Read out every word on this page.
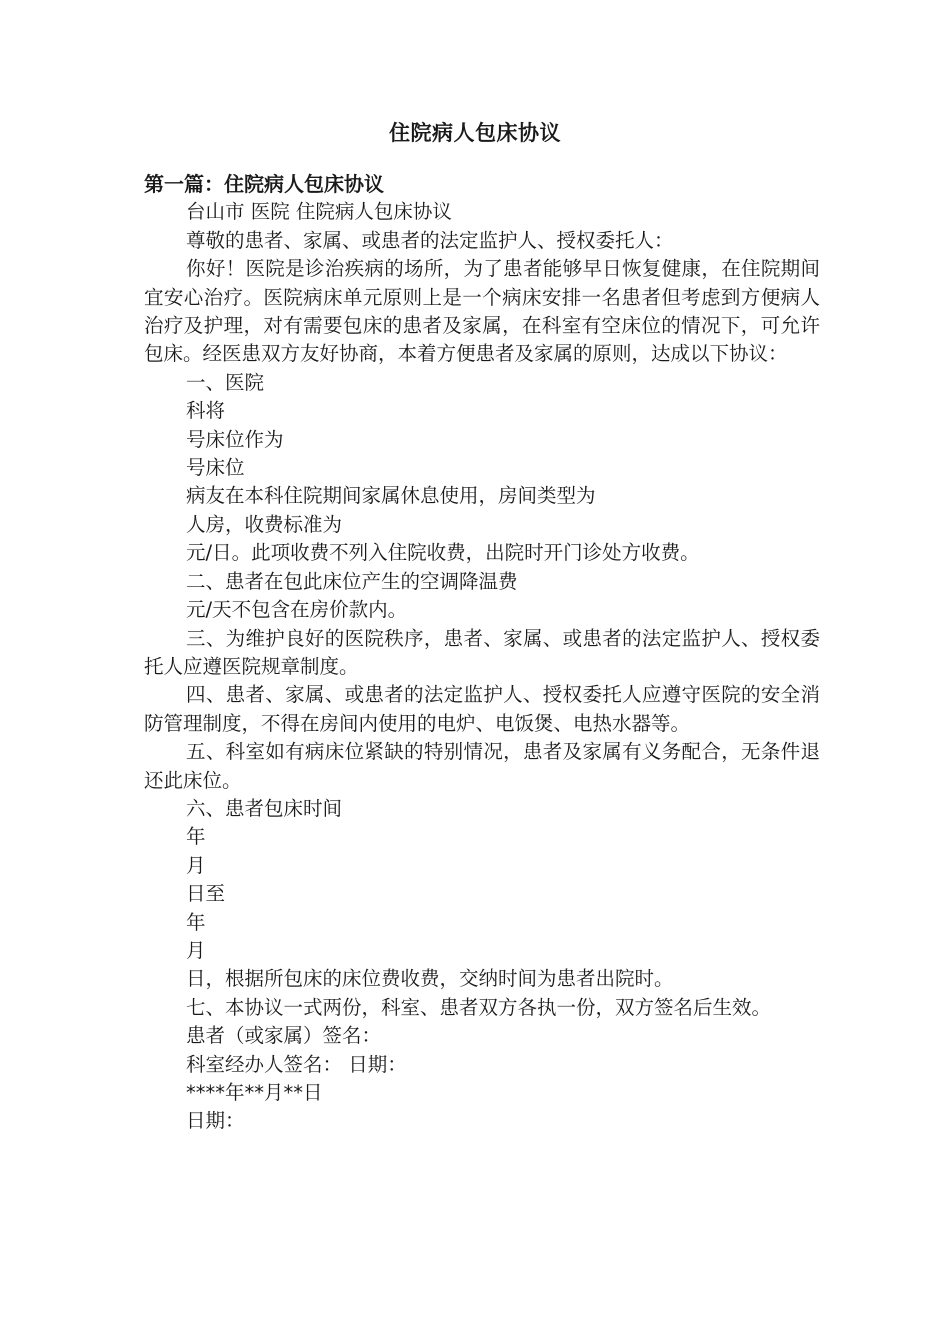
住院病人包床协议

第一篇：住院病人包床协议

台山市 医院 住院病人包床协议

尊敬的患者、家属、或患者的法定监护人、授权委托人：

你好！医院是诊治疾病的场所，为了患者能够早日恢复健康，在住院期间宜安心治疗。医院病床单元原则上是一个病床安排一名患者但考虑到方便病人治疗及护理，对有需要包床的患者及家属，在科室有空床位的情况下，可允许包床。经医患双方友好协商，本着方便患者及家属的原则，达成以下协议：

一、医院

科将

号床位作为

号床位

病友在本科住院期间家属休息使用，房间类型为

人房，收费标准为

元/日。此项收费不列入住院收费，出院时开门诊处方收费。

二、患者在包此床位产生的空调降温费

元/天不包含在房价款内。

三、为维护良好的医院秩序，患者、家属、或患者的法定监护人、授权委托人应遵医院规章制度。

四、患者、家属、或患者的法定监护人、授权委托人应遵守医院的安全消防管理制度，不得在房间内使用的电炉、电饭煲、电热水器等。

五、科室如有病床位紧缺的特别情况，患者及家属有义务配合，无条件退还此床位。

六、患者包床时间

年

月

日至

年

月

日，根据所包床的床位费收费，交纳时间为患者出院时。

七、本协议一式两份，科室、患者双方各执一份，双方签名后生效。

患者（或家属）签名：

科室经办人签名： 日期：

****年**月**日

日期：
